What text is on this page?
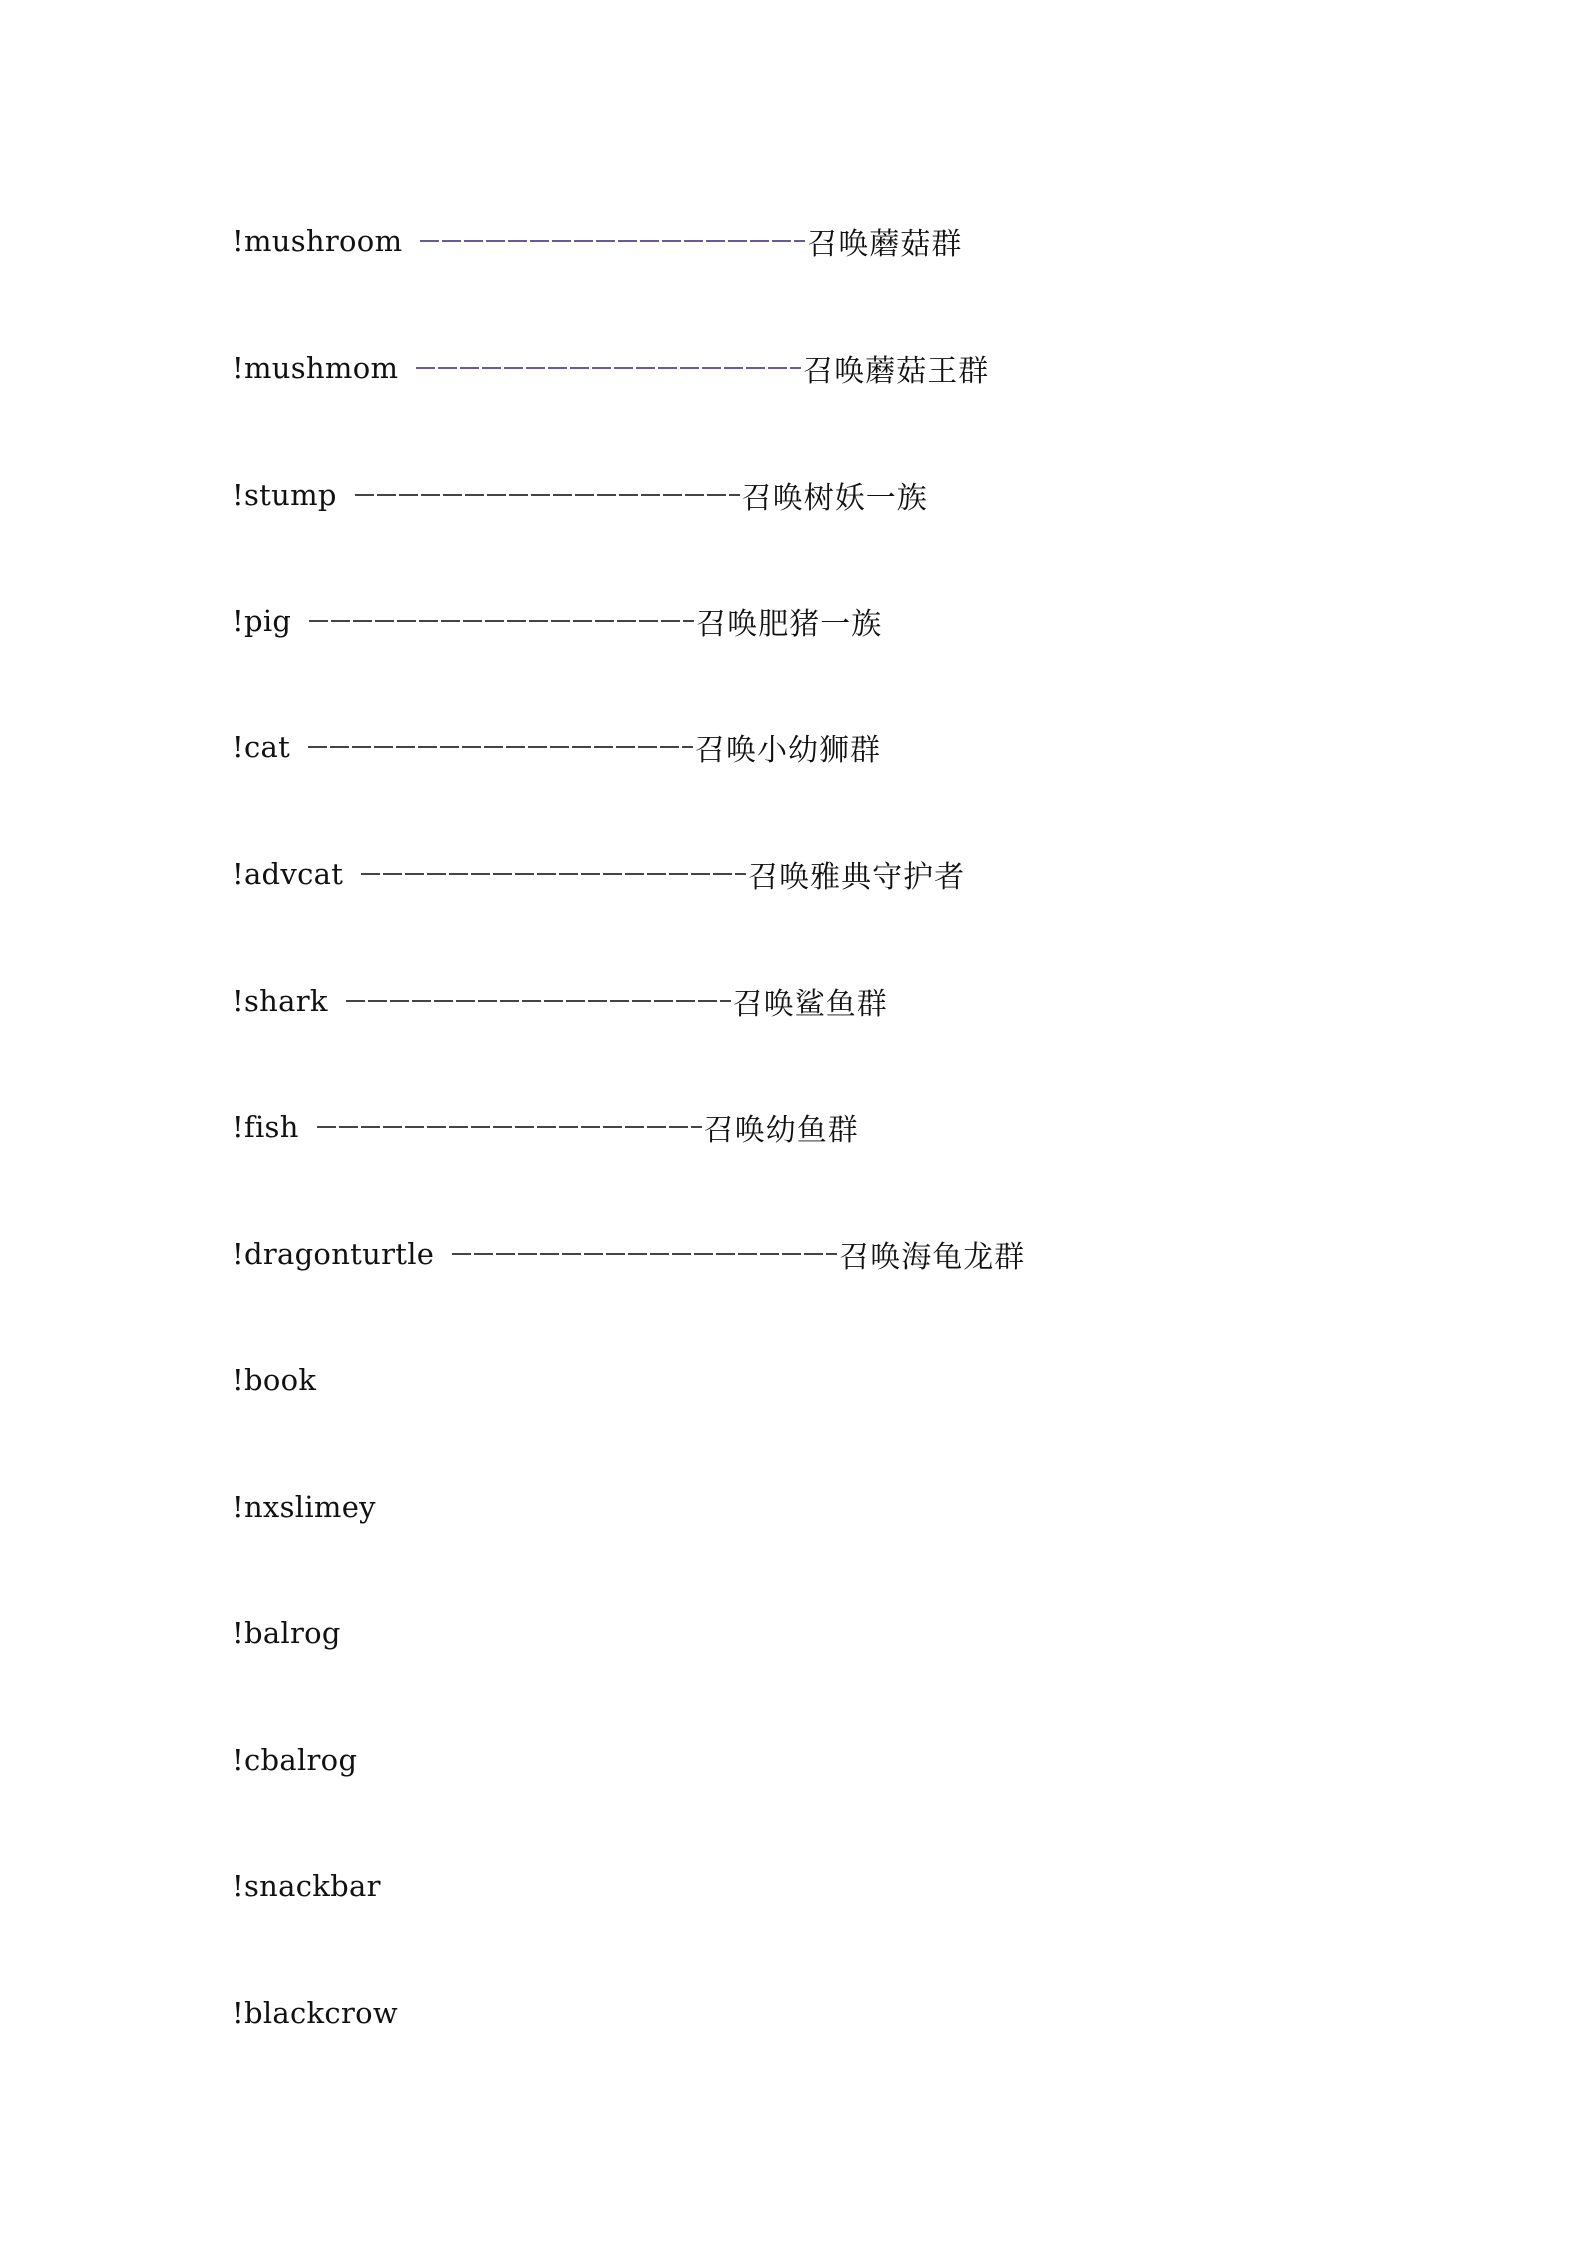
!mushroom	召唤蘑菇群
!mushmom	召唤蘑菇王群
!stump	召唤树妖一族
!pig	召唤肥猪一族
!cat	召唤小幼狮群
!advcat	召唤雅典守护者
!shark	召唤鲨鱼群
!fish	召唤幼鱼群
!dragonturtle	召唤海龟龙群
!book
!nxslimey
!balrog
!cbalrog
!snackbar
!blackcrow
